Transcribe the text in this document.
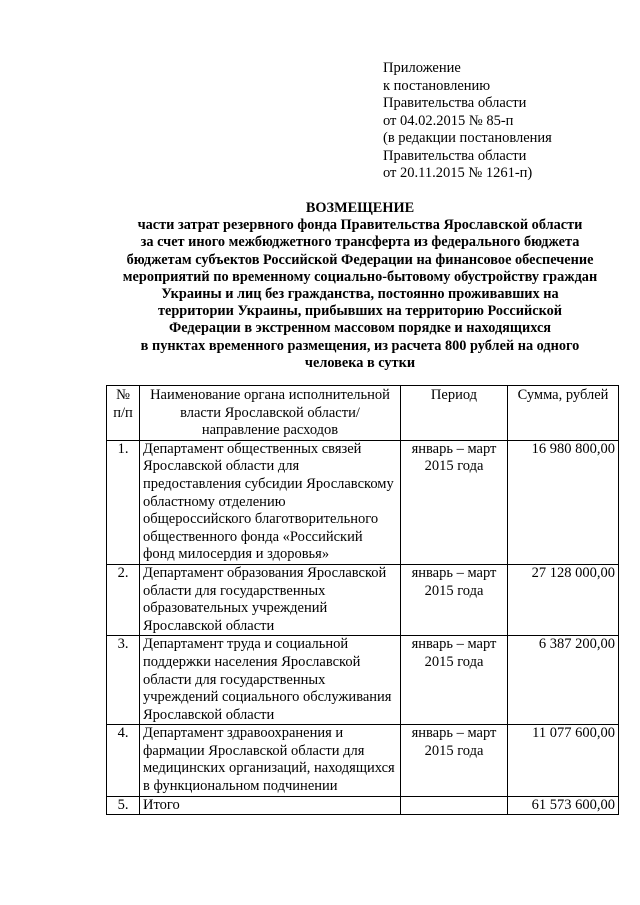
Приложение
к постановлению
Правительства области
от 04.02.2015 № 85-п
(в редакции постановления
Правительства области
от 20.11.2015 № 1261-п)
ВОЗМЕЩЕНИЕ
части затрат резервного фонда Правительства Ярославской области
за счет иного межбюджетного трансферта из федерального бюджета
бюджетам субъектов Российской Федерации на финансовое обеспечение
мероприятий по временному социально-бытовому обустройству граждан
Украины и лиц без гражданства, постоянно проживавших на
территории Украины, прибывших на территорию Российской
Федерации в экстренном массовом порядке и находящихся
в пунктах временного размещения, из расчета 800 рублей на одного
человека в сутки
№ п/п	Наименование органа исполнительной власти Ярославской области/направление расходов	Период	Сумма, рублей
1.	Департамент общественных связей Ярославской области для предоставления субсидии Ярославскому областному отделению общероссийского благотворительного общественного фонда «Российский фонд милосердия и здоровья»	январь – март 2015 года	16 980 800,00
2.	Департамент образования Ярославской области для государственных образовательных учреждений Ярославской области	январь – март 2015 года	27 128 000,00
3.	Департамент труда и социальной поддержки населения Ярославской области для государственных учреждений социального обслуживания Ярославской области	январь – март 2015 года	6 387 200,00
4.	Департамент здравоохранения и фармации Ярославской области для медицинских организаций, находящихся в функциональном подчинении	январь – март 2015 года	11 077 600,00
5.	Итого		61 573 600,00
